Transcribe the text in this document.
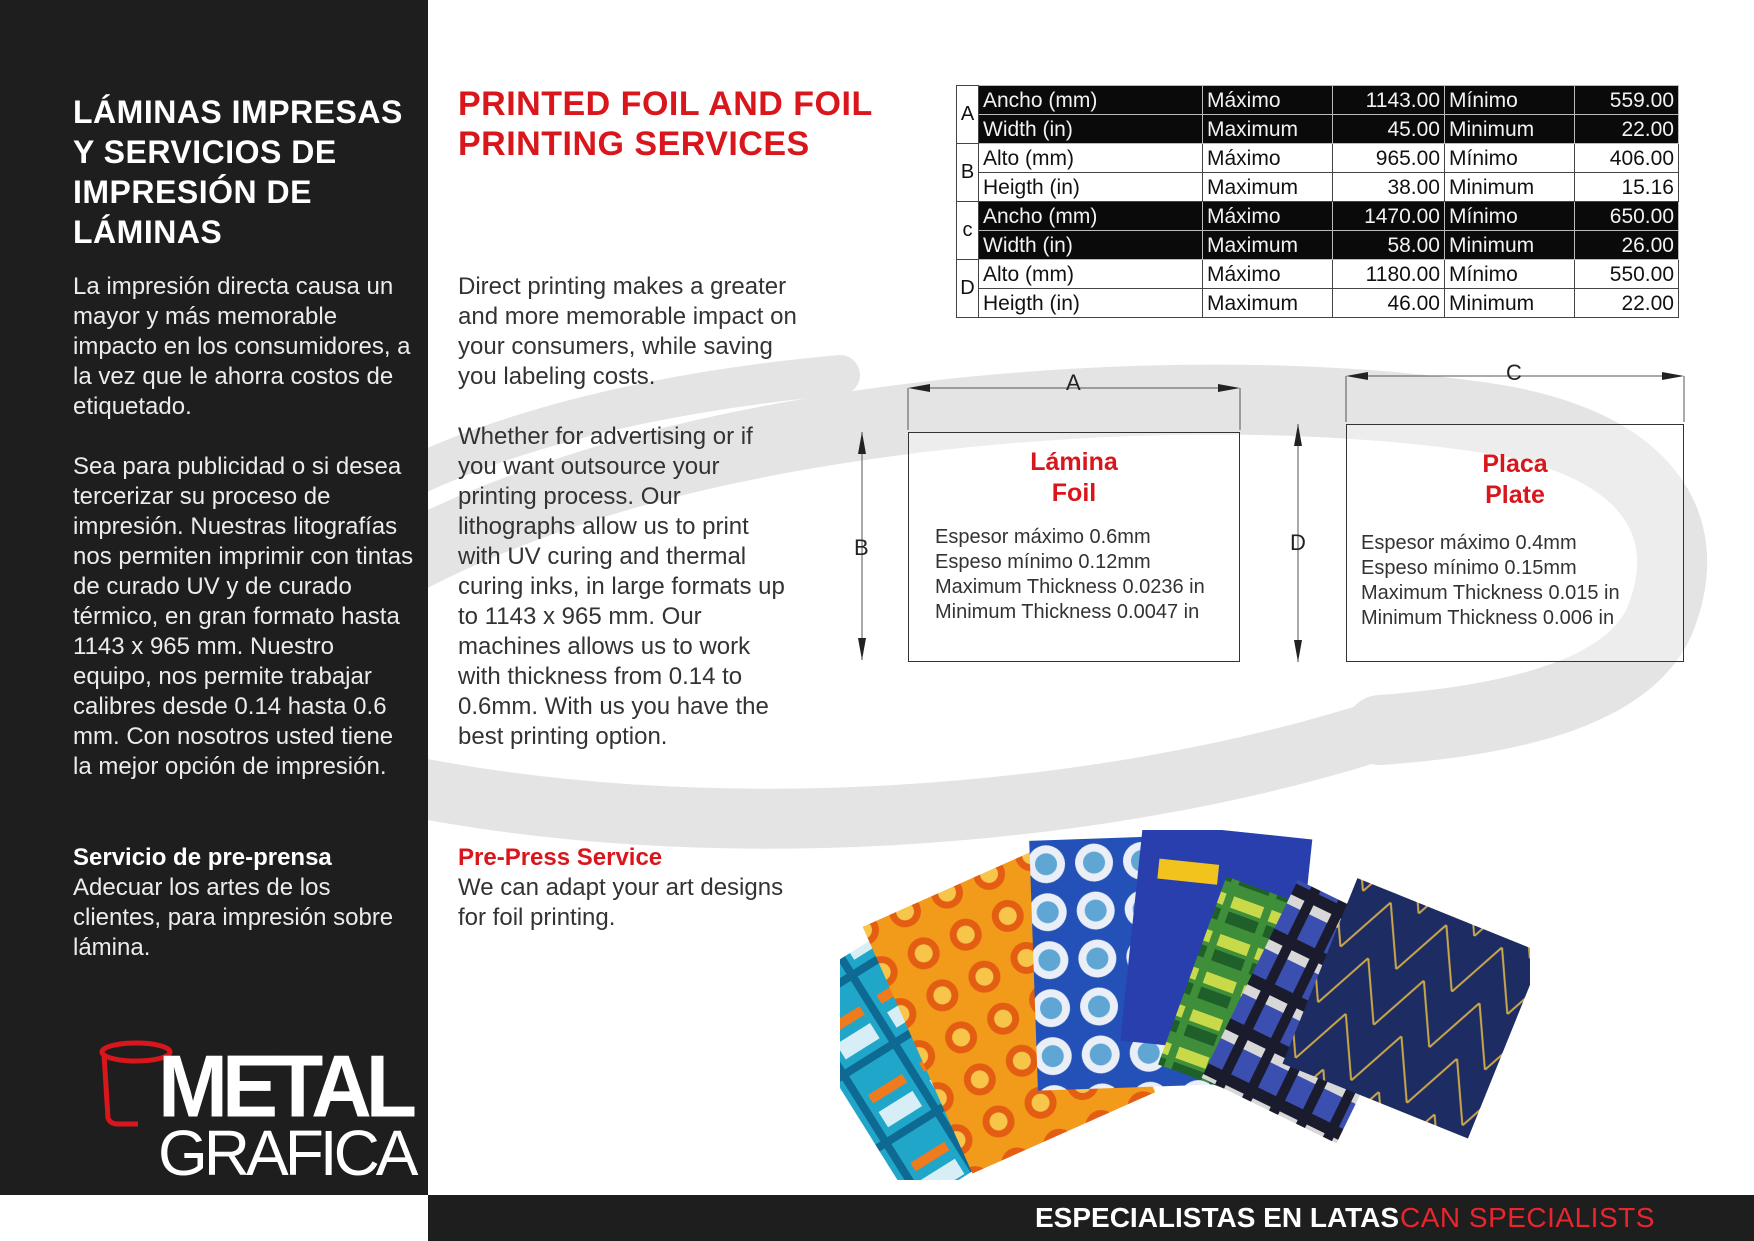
LÁMINAS IMPRESAS Y SERVICIOS DE IMPRESIÓN DE LÁMINAS

La impresión directa causa un mayor y más memorable impacto en los consumidores, a la vez que le ahorra costos de etiquetado.

Sea para publicidad o si desea tercerizar su proceso de impresión. Nuestras litografías nos permiten imprimir con tintas de curado UV y de curado térmico, en gran formato hasta 1143 x 965 mm. Nuestro equipo, nos permite trabajar calibres desde 0.14 hasta 0.6 mm. Con nosotros usted tiene la mejor opción de impresión.

Servicio de pre-prensa
Adecuar los artes de los clientes, para impresión sobre lámina.
METAL
GRAFICA
PRINTED FOIL AND FOIL PRINTING SERVICES

Direct printing makes a greater and more memorable impact on your consumers, while saving you labeling costs.

Whether for advertising or if you want outsource your printing process. Our lithographs allow us to print with UV curing and thermal curing inks, in large formats up to 1143 x 965 mm. Our machines allows us to work with thickness from 0.14 to 0.6mm. With us you have the best printing option.

Pre-Press Service
We can adapt your art designs for foil printing.
A	Ancho (mm)	Máximo	1143.00	Mínimo	559.00
	Width (in)	Maximum	45.00	Minimum	22.00
B	Alto (mm)	Máximo	965.00	Mínimo	406.00
	Heigth (in)	Maximum	38.00	Minimum	15.16
c	Ancho (mm)	Máximo	1470.00	Mínimo	650.00
	Width (in)	Maximum	58.00	Minimum	26.00
D	Alto (mm)	Máximo	1180.00	Mínimo	550.00
	Heigth (in)	Maximum	46.00	Minimum	22.00
A
B
Lámina
Foil
Espesor máximo 0.6mm
Espeso mínimo 0.12mm
Maximum Thickness 0.0236 in
Minimum Thickness 0.0047 in
C
D
Placa
Plate
Espesor máximo 0.4mm
Espeso mínimo 0.15mm
Maximum Thickness 0.015 in
Minimum Thickness 0.006 in
ESPECIALISTAS EN LATAS CAN SPECIALISTS
